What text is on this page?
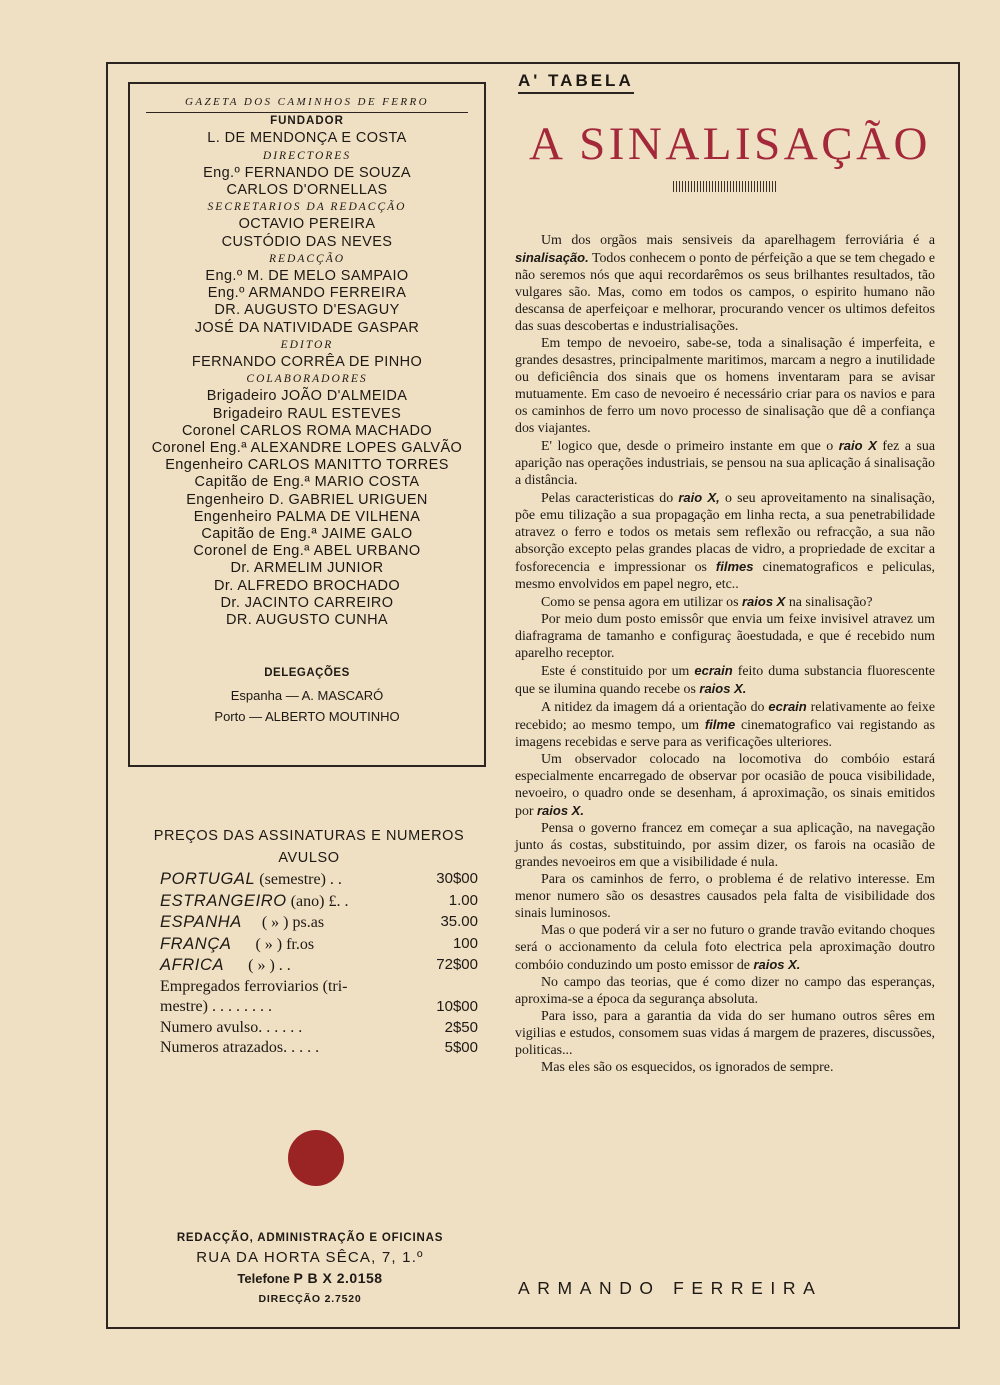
GAZETA DOS CAMINHOS DE FERRO
FUNDADOR
L. DE MENDONÇA E COSTA
DIRECTORES
Eng.º FERNANDO DE SOUZA
CARLOS D'ORNELLAS
SECRETARIOS DA REDACÇÃO
OCTAVIO PEREIRA
CUSTÓDIO DAS NEVES
REDACÇÃO
Eng.º M. DE MELO SAMPAIO
Eng.º ARMANDO FERREIRA
DR. AUGUSTO D'ESAGUY
JOSÉ DA NATIVIDADE GASPAR
EDITOR
FERNANDO CORRÊA DE PINHO
COLABORADORES
Brigadeiro JOÃO D'ALMEIDA
Brigadeiro RAUL ESTEVES
Coronel CARLOS ROMA MACHADO
Coronel Eng.ª ALEXANDRE LOPES GALVÃO
Engenheiro CARLOS MANITTO TORRES
Capitão de Eng.ª MARIO COSTA
Engenheiro D. GABRIEL URIGUEN
Engenheiro PALMA DE VILHENA
Capitão de Eng.ª JAIME GALO
Coronel de Eng.ª ABEL URBANO
Dr. ARMELIM JUNIOR
Dr. ALFREDO BROCHADO
Dr. JACINTO CARREIRO
DR. AUGUSTO CUNHA
DELEGAÇÕES
Espanha — A. MASCARÓ
Porto — ALBERTO MOUTINHO
PREÇOS DAS ASSINATURAS E NUMEROS
AVULSO
PORTUGAL (semestre) . .	30$00
ESTRANGEIRO (ano) £. .	1.00
ESPANHA     ( » ) ps.as	35.00
FRANÇA      ( » ) fr.os	100
AFRICA      ( » ) . .	72$00
Empregados ferroviarios (tri-
mestre) . . . . . . . .	10$00
Numero avulso. . . . . .	2$50
Numeros atrazados. . . . .	5$00
REDACÇÃO, ADMINISTRAÇÃO E OFICINAS
RUA DA HORTA SÊCA, 7, 1.º
Telefone P B X 2.0158
DIRECÇÃO 2.7520
A' TABELA
A SINALISAÇÃO

Um dos orgãos mais sensiveis da aparelhagem ferroviária é a sinalisação. Todos conhecem o ponto de pérfeição a que se tem chegado e não seremos nós que aqui recordarêmos os seus brilhantes resultados, tão vulgares são. Mas, como em todos os campos, o espirito humano não descansa de aperfeiçoar e melhorar, procurando vencer os ultimos defeitos das suas descobertas e industrialisações.

Em tempo de nevoeiro, sabe-se, toda a sinalisação é imperfeita, e grandes desastres, principalmente maritimos, marcam a negro a inutilidade ou deficiência dos sinais que os homens inventaram para se avisar mutuamente. Em caso de nevoeiro é necessário criar para os navios e para os caminhos de ferro um novo processo de sinalisação que dê a confiança dos viajantes.

E' logico que, desde o primeiro instante em que o raio X fez a sua aparição nas operações industriais, se pensou na sua aplicação á sinalisação a distância.

Pelas caracteristicas do raio X, o seu aproveitamento na sinalisação, põe emu tilização a sua propagação em linha recta, a sua penetrabilidade atravez o ferro e todos os metais sem reflexão ou refracção, a sua não absorção excepto pelas grandes placas de vidro, a propriedade de excitar a fosforecencia e impressionar os filmes cinematograficos e peliculas, mesmo envolvidos em papel negro, etc..

Como se pensa agora em utilizar os raios X na sinalisação?

Por meio dum posto emissôr que envia um feixe invisivel atravez um diafragrama de tamanho e configuraç ãoestudada, e que é recebido num aparelho receptor.

Este é constituido por um ecrain feito duma substancia fluorescente que se ilumina quando recebe os raios X.

A nitidez da imagem dá a orientação do ecrain relativamente ao feixe recebido; ao mesmo tempo, um filme cinematografico vai registando as imagens recebidas e serve para as verificações ulteriores.

Um observador colocado na locomotiva do combóio estará especialmente encarregado de observar por ocasião de pouca visibilidade, nevoeiro, o quadro onde se desenham, á aproximação, os sinais emitidos por raios X.

Pensa o governo francez em começar a sua aplicação, na navegação junto ás costas, substituindo, por assim dizer, os farois na ocasião de grandes nevoeiros em que a visibilidade é nula.

Para os caminhos de ferro, o problema é de relativo interesse. Em menor numero são os desastres causados pela falta de visibilidade dos sinais luminosos.

Mas o que poderá vir a ser no futuro o grande travão evitando choques será o accionamento da celula foto electrica pela aproximação doutro combóio conduzindo um posto emissor de raios X.

No campo das teorias, que é como dizer no campo das esperanças, aproxima-se a época da segurança absoluta.

Para isso, para a garantia da vida do ser humano outros sêres em vigilias e estudos, consomem suas vidas á margem de prazeres, discussões, politicas...

Mas eles são os esquecidos, os ignorados de sempre.

ARMANDO FERREIRA
